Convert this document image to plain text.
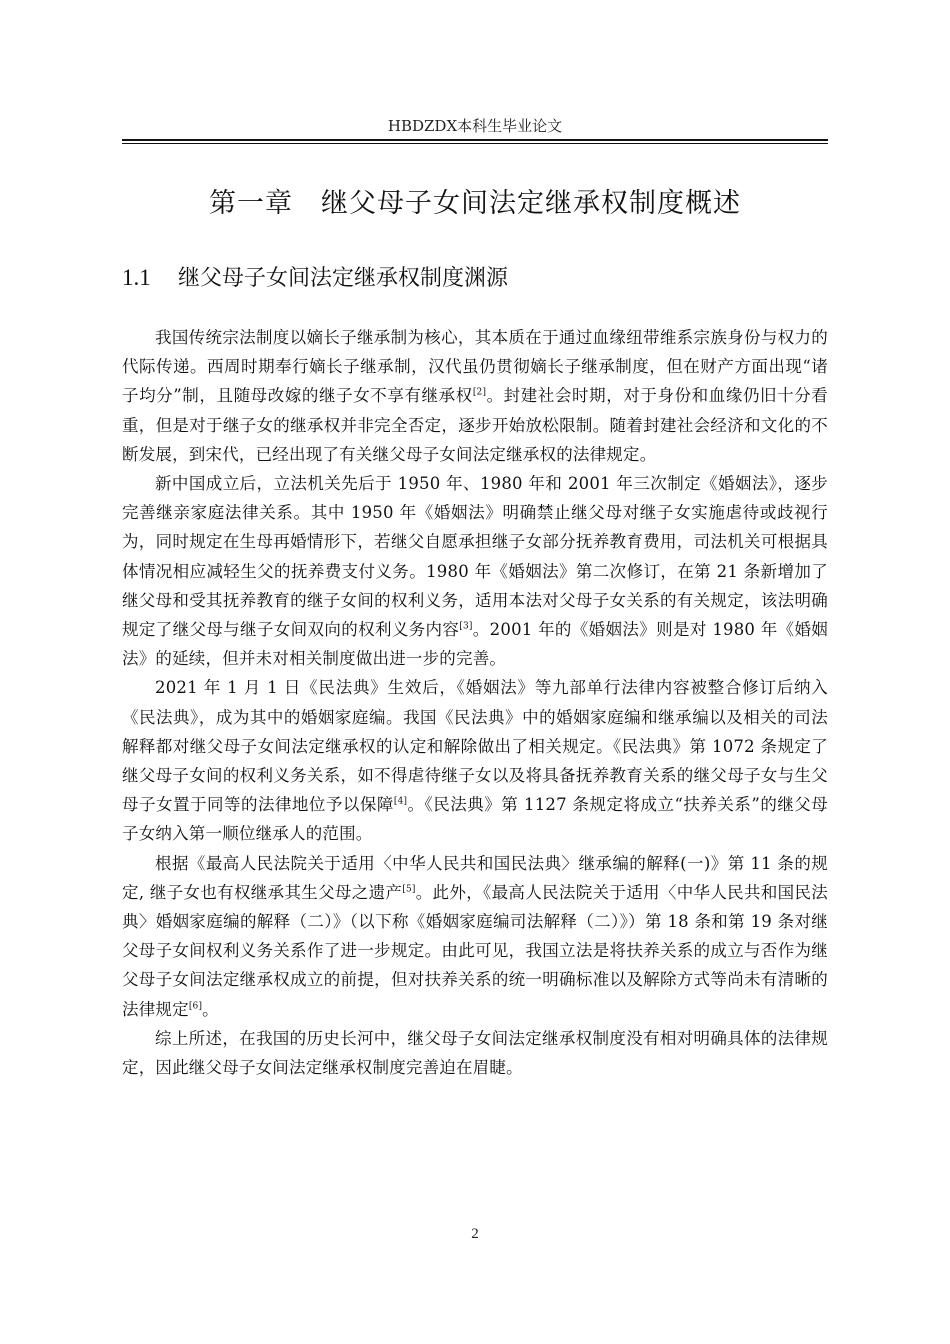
HBDZDX本科生毕业论文
第一章　继父母子女间法定继承权制度概述
1.1 继父母子女间法定继承权制度渊源

我国传统宗法制度以嫡长子继承制为核心，其本质在于通过血缘纽带维系宗族身份与权力的代际传递。西周时期奉行嫡长子继承制，汉代虽仍贯彻嫡长子继承制度，但在财产方面出现“诸子均分”制，且随母改嫁的继子女不享有继承权[2]。封建社会时期，对于身份和血缘仍旧十分看重，但是对于继子女的继承权并非完全否定，逐步开始放松限制。随着封建社会经济和文化的不断发展，到宋代，已经出现了有关继父母子女间法定继承权的法律规定。

新中国成立后，立法机关先后于 1950 年、1980 年和 2001 年三次制定《婚姻法》，逐步完善继亲家庭法律关系。其中 1950 年《婚姻法》明确禁止继父母对继子女实施虐待或歧视行为，同时规定在生母再婚情形下，若继父自愿承担继子女部分抚养教育费用，司法机关可根据具体情况相应减轻生父的抚养费支付义务。1980 年《婚姻法》第二次修订，在第 21 条新增加了继父母和受其抚养教育的继子女间的权利义务，适用本法对父母子女关系的有关规定，该法明确规定了继父母与继子女间双向的权利义务内容[3]。2001 年的《婚姻法》则是对 1980 年《婚姻法》的延续，但并未对相关制度做出进一步的完善。

2021 年 1 月 1 日《民法典》生效后，《婚姻法》等九部单行法律内容被整合修订后纳入《民法典》，成为其中的婚姻家庭编。我国《民法典》中的婚姻家庭编和继承编以及相关的司法解释都对继父母子女间法定继承权的认定和解除做出了相关规定。《民法典》第 1072 条规定了继父母子女间的权利义务关系，如不得虐待继子女以及将具备抚养教育关系的继父母子女与生父母子女置于同等的法律地位予以保障[4]。《民法典》第 1127 条规定将成立“扶养关系”的继父母子女纳入第一顺位继承人的范围。

根据《最高人民法院关于适用〈中华人民共和国民法典〉继承编的解释(一)》第 11 条的规定, 继子女也有权继承其生父母之遗产[5]。此外，《最高人民法院关于适用〈中华人民共和国民法典〉婚姻家庭编的解释（二）》（以下称《婚姻家庭编司法解释（二）》）第 18 条和第 19 条对继父母子女间权利义务关系作了进一步规定。由此可见，我国立法是将扶养关系的成立与否作为继父母子女间法定继承权成立的前提，但对扶养关系的统一明确标准以及解除方式等尚未有清晰的法律规定[6]。

综上所述，在我国的历史长河中，继父母子女间法定继承权制度没有相对明确具体的法律规定，因此继父母子女间法定继承权制度完善迫在眉睫。

2
